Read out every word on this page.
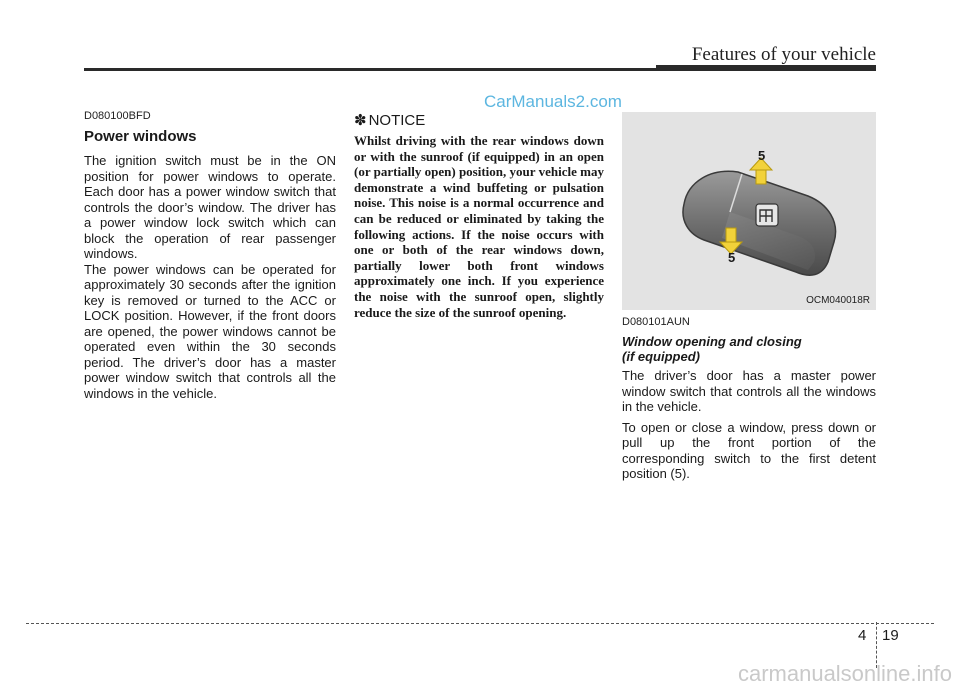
Features of your vehicle
CarManuals2.com

D080100BFD

Power windows

The ignition switch must be in the ON position for power windows to operate. Each door has a power window switch that controls the door’s window. The driver has a power window lock switch which can block the operation of rear passenger windows.

The power windows can be operated for approximately 30 seconds after the ignition key is removed or turned to the ACC or LOCK position. However, if the front doors are opened, the power windows cannot be operated even within the 30 seconds period. The driver’s door has a master power window switch that controls all the windows in the vehicle.

✽ NOTICE

Whilst driving with the rear windows down or with the sunroof (if equipped) in an open (or partially open) position, your vehicle may demonstrate a wind buffeting or pulsation noise. This noise is a normal occurrence and can be reduced or eliminated by taking the following actions. If the noise occurs with one or both of the rear windows down, partially lower both front windows approximately one inch. If you experience the noise with the sunroof open, slightly reduce the size of the sunroof opening.

5
5
OCM040018R

D080101AUN

Window opening and closing
(if equipped)

The driver’s door has a master power window switch that controls all the windows in the vehicle.

To open or close a window, press down or pull up the front portion of the corresponding switch to the first detent position (5).

4 19
carmanualsonline.info
